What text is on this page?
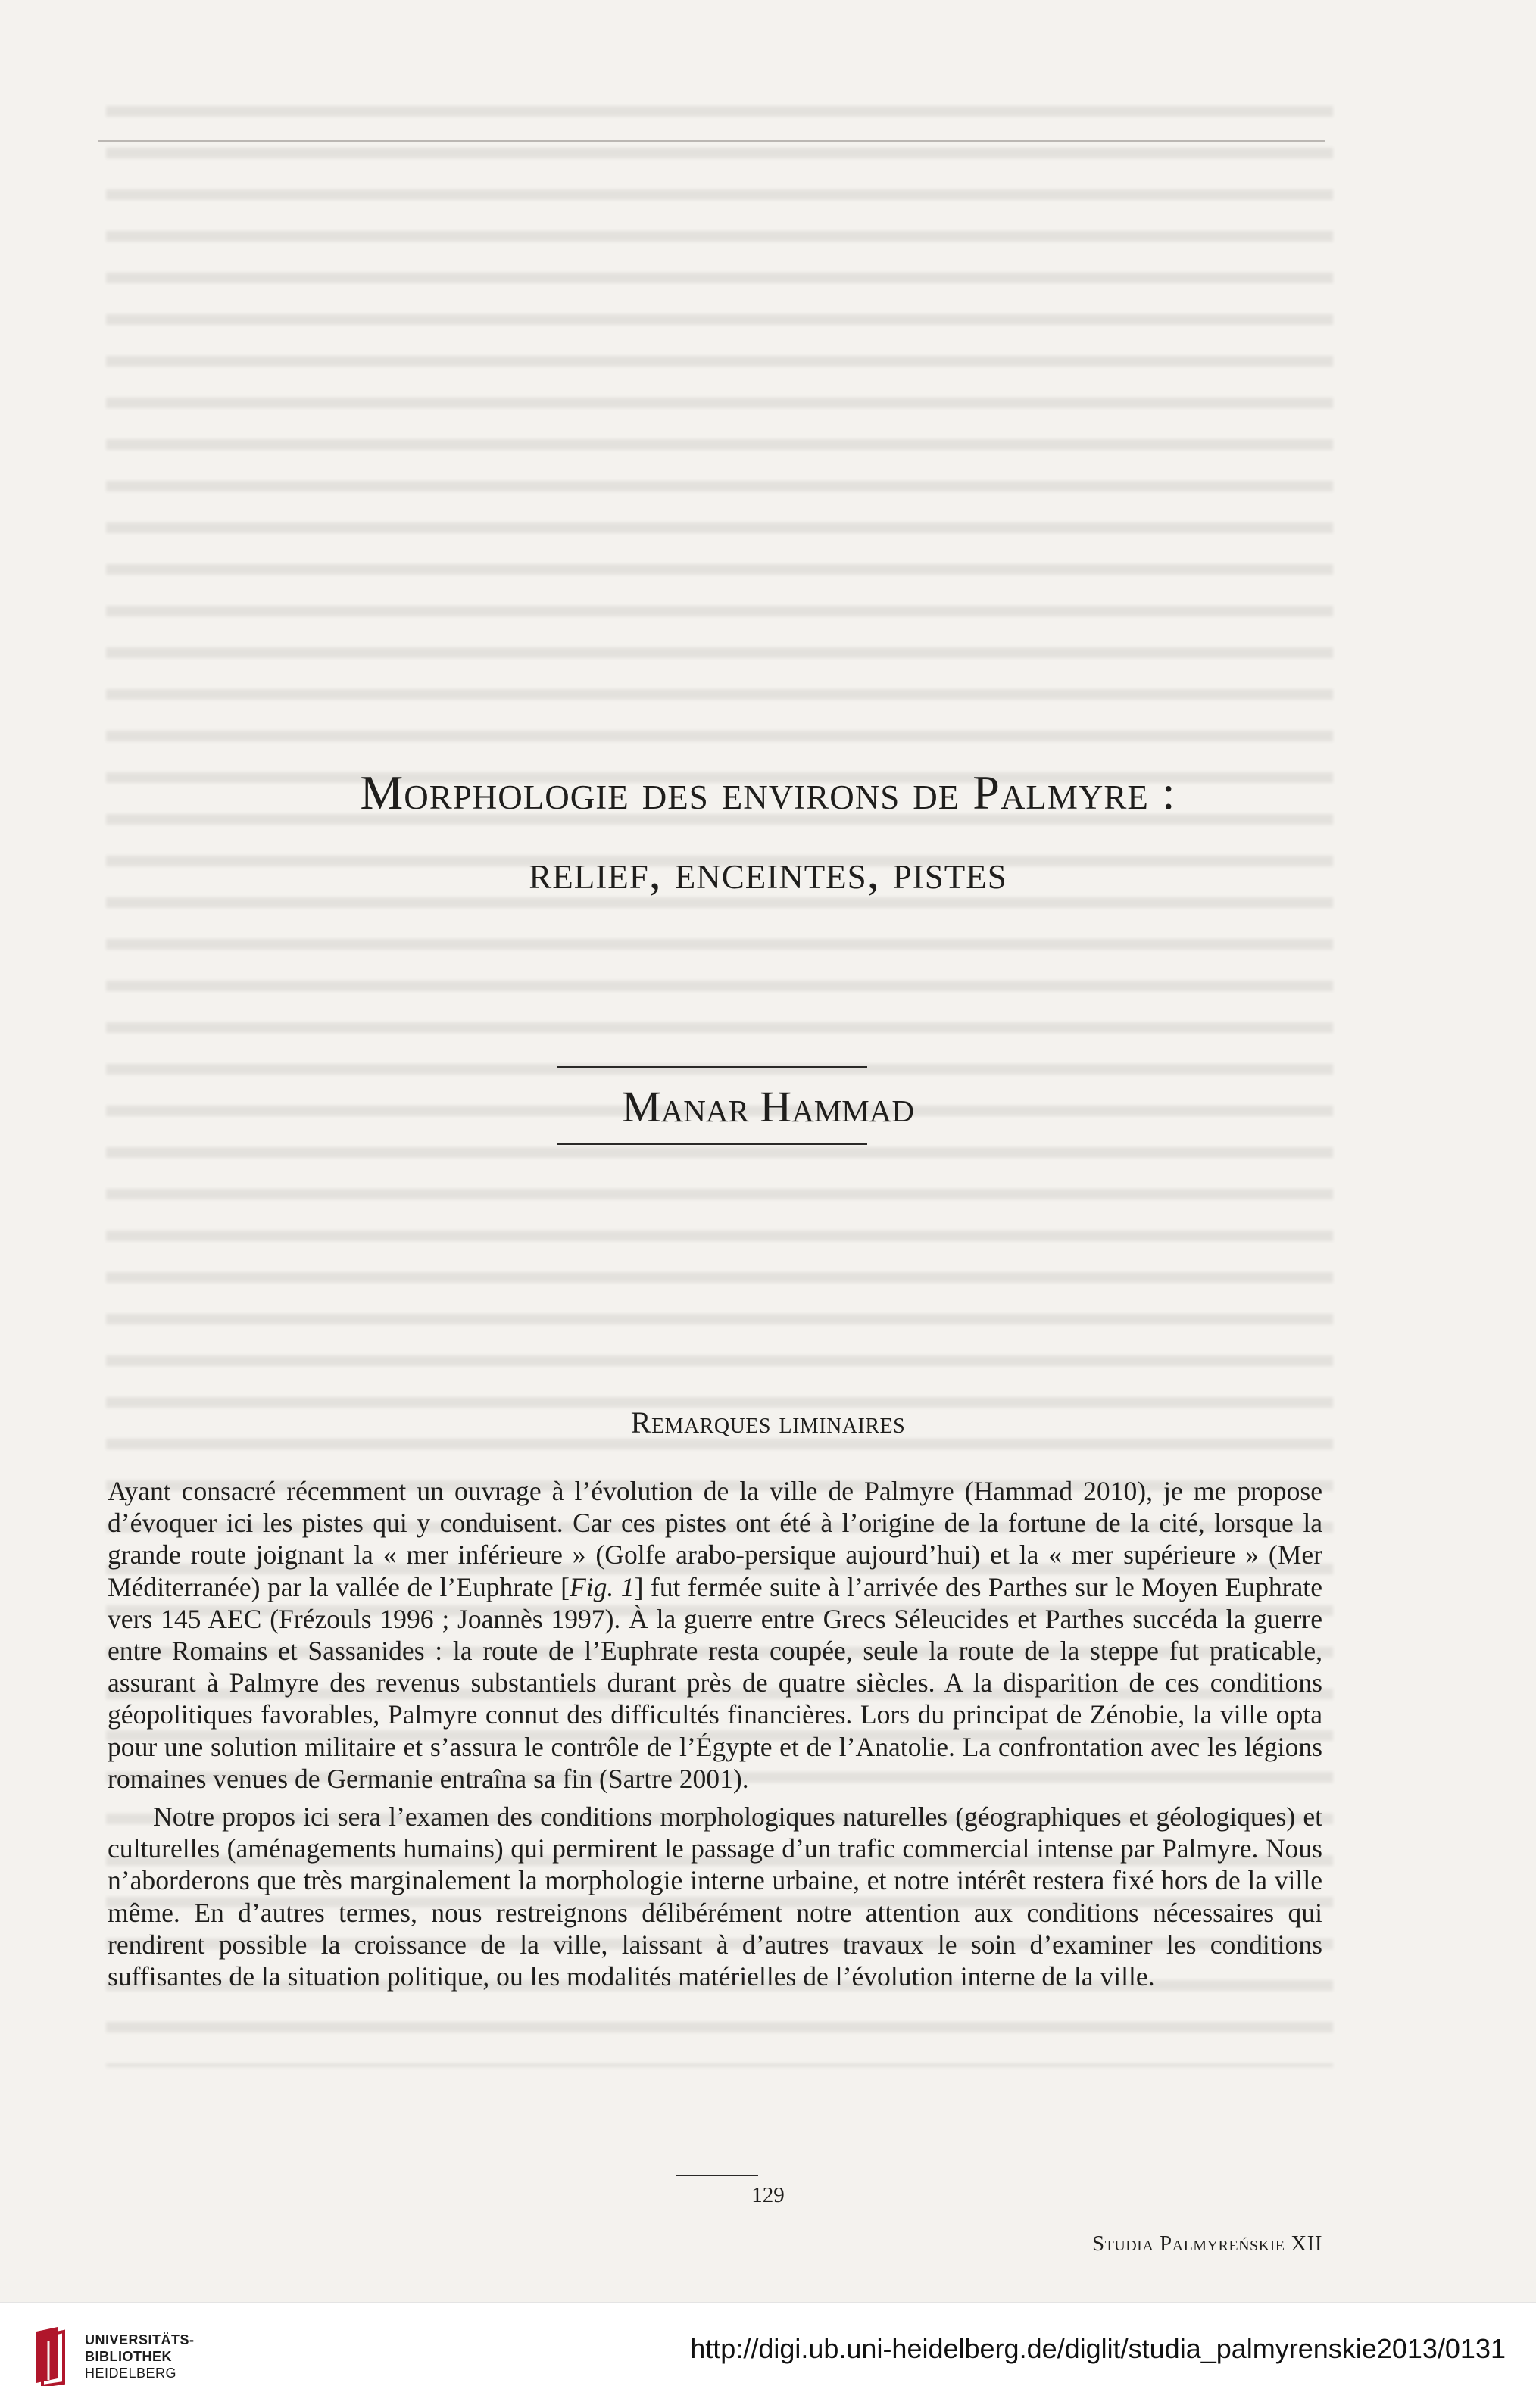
Morphologie des environs de Palmyre :
relief, enceintes, pistes
Manar Hammad
Remarques liminaires

Ayant consacré récemment un ouvrage à l’évolution de la ville de Palmyre (Hammad 2010), je me propose d’évoquer ici les pistes qui y conduisent. Car ces pistes ont été à l’origine de la fortune de la cité, lorsque la grande route joignant la « mer inférieure » (Golfe arabo-persique aujourd’hui) et la « mer supérieure » (Mer Méditerranée) par la vallée de l’Euphrate [Fig. 1] fut fermée suite à l’arrivée des Parthes sur le Moyen Euphrate vers 145 AEC (Frézouls 1996 ; Joannès 1997). À la guerre entre Grecs Séleucides et Parthes succéda la guerre entre Romains et Sassanides : la route de l’Euphrate resta coupée, seule la route de la steppe fut praticable, assurant à Palmyre des revenus substantiels durant près de quatre siècles. A la disparition de ces conditions géopolitiques favorables, Palmyre connut des difficultés financières. Lors du principat de Zénobie, la ville opta pour une solution militaire et s’assura le contrôle de l’Égypte et de l’Anatolie. La confrontation avec les légions romaines venues de Germanie entraîna sa fin (Sartre 2001).

Notre propos ici sera l’examen des conditions morphologiques naturelles (géographiques et géologiques) et culturelles (aménagements humains) qui permirent le passage d’un trafic commercial intense par Palmyre. Nous n’aborderons que très marginalement la morphologie interne urbaine, et notre intérêt restera fixé hors de la ville même. En d’autres termes, nous restreignons délibérément notre attention aux conditions nécessaires qui rendirent possible la croissance de la ville, laissant à d’autres travaux le soin d’examiner les conditions suffisantes de la situation politique, ou les modalités matérielles de l’évolution interne de la ville.

129
Studia Palmyreńskie XII
UNIVERSITÄTS-
BIBLIOTHEK
HEIDELBERG
http://digi.ub.uni-heidelberg.de/diglit/studia_palmyrenskie2013/0131
